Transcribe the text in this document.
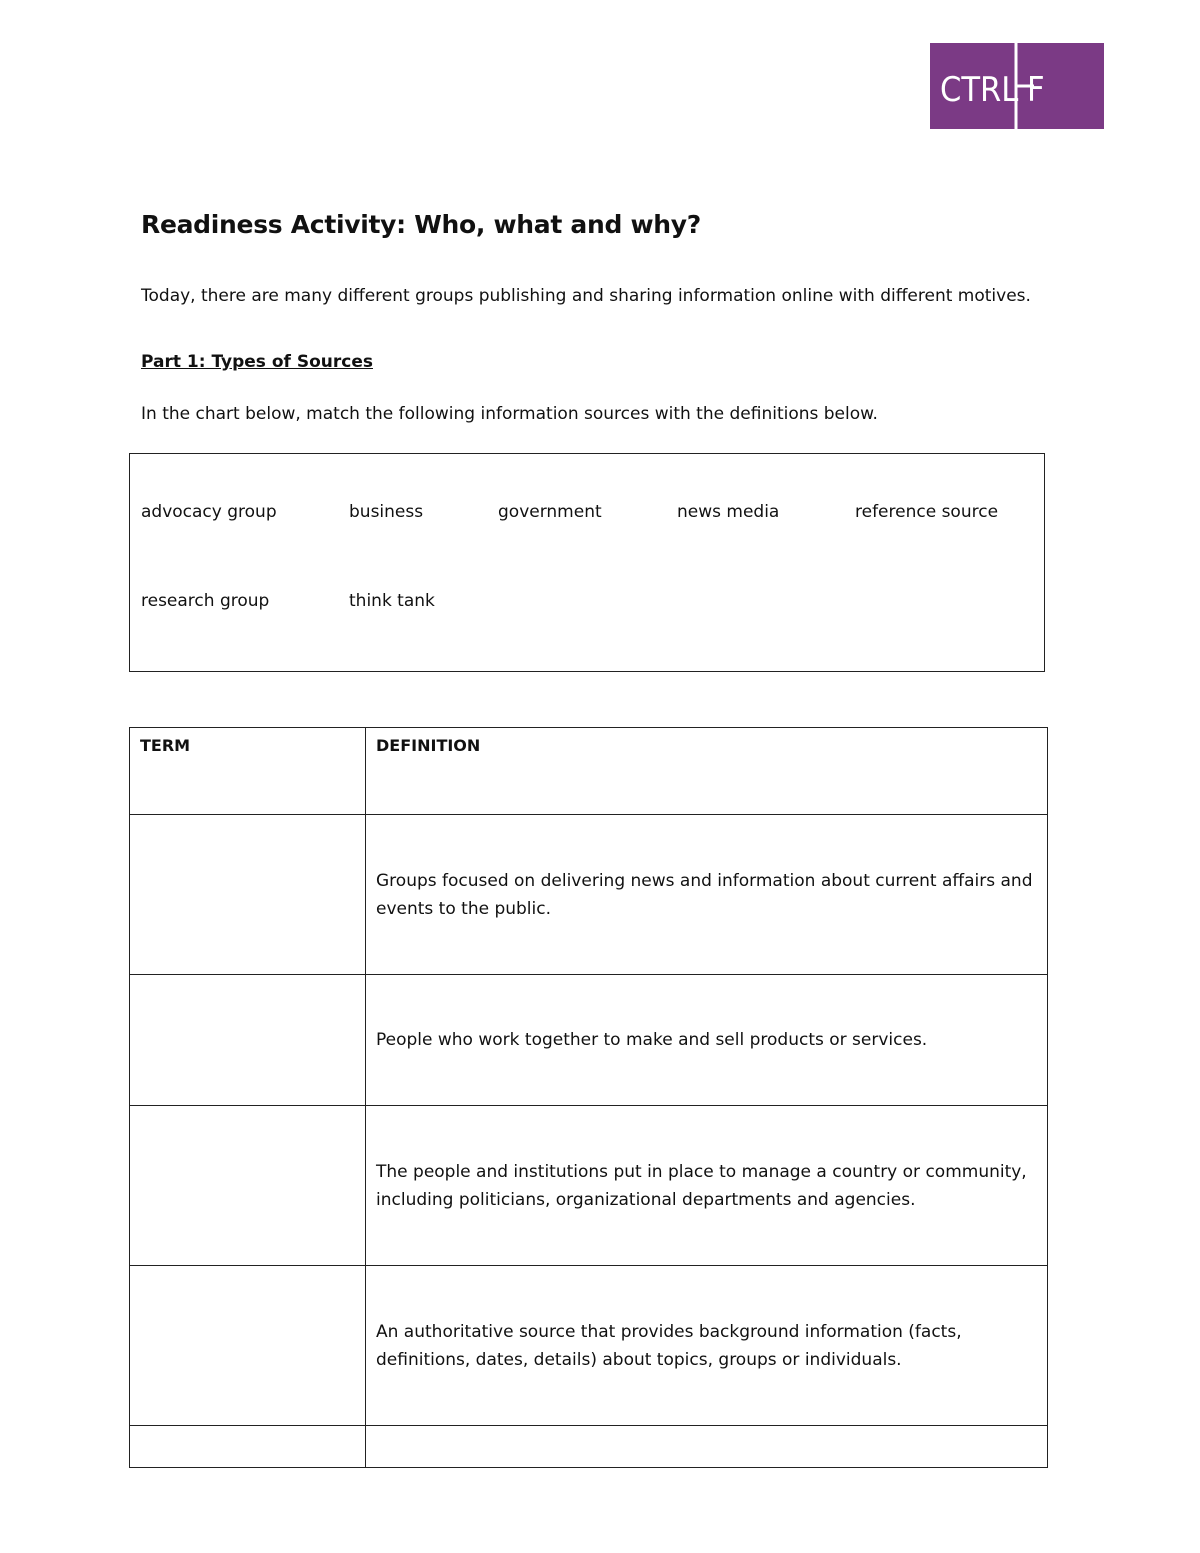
CTRL F
Readiness Activity: Who, what and why?
Today, there are many different groups publishing and sharing information online with different motives.
Part 1: Types of Sources
In the chart below, match the following information sources with the definitions below.
advocacy group	business	government	news media	reference source
research group	think tank
TERM	DEFINITION
	Groups focused on delivering news and information about current affairs and events to the public.
	People who work together to make and sell products or services.
	The people and institutions put in place to manage a country or community, including politicians, organizational departments and agencies.
	An authoritative source that provides background information (facts, definitions, dates, details) about topics, groups or individuals.
